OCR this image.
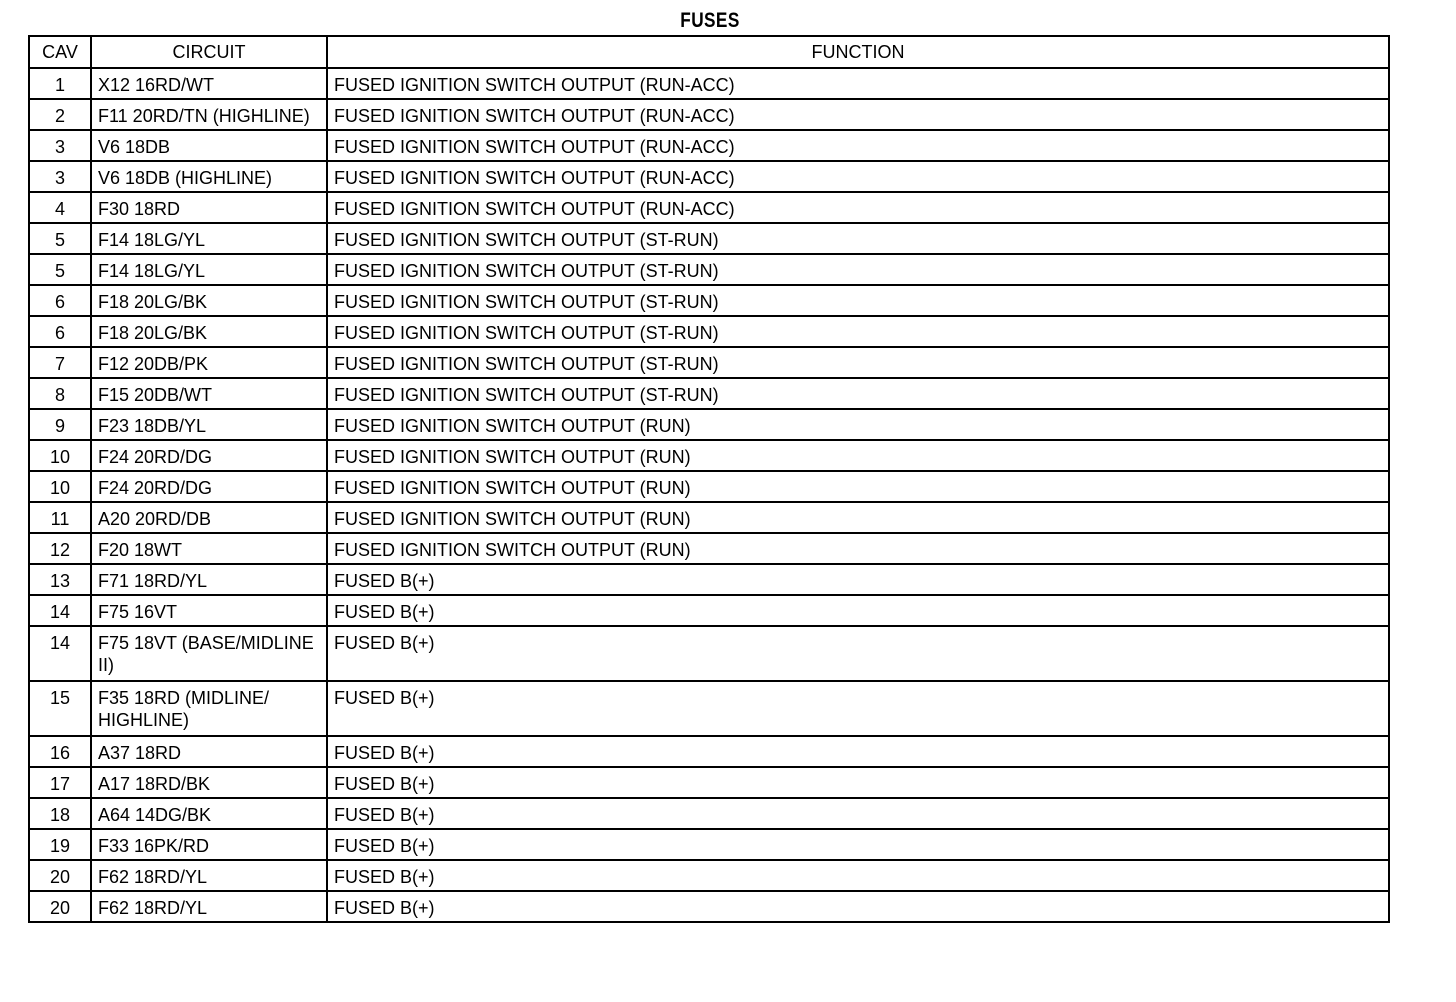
FUSES
CAV	CIRCUIT	FUNCTION
1	X12 16RD/WT	FUSED IGNITION SWITCH OUTPUT (RUN-ACC)
2	F11 20RD/TN (HIGHLINE)	FUSED IGNITION SWITCH OUTPUT (RUN-ACC)
3	V6 18DB	FUSED IGNITION SWITCH OUTPUT (RUN-ACC)
3	V6 18DB (HIGHLINE)	FUSED IGNITION SWITCH OUTPUT (RUN-ACC)
4	F30 18RD	FUSED IGNITION SWITCH OUTPUT (RUN-ACC)
5	F14 18LG/YL	FUSED IGNITION SWITCH OUTPUT (ST-RUN)
5	F14 18LG/YL	FUSED IGNITION SWITCH OUTPUT (ST-RUN)
6	F18 20LG/BK	FUSED IGNITION SWITCH OUTPUT (ST-RUN)
6	F18 20LG/BK	FUSED IGNITION SWITCH OUTPUT (ST-RUN)
7	F12 20DB/PK	FUSED IGNITION SWITCH OUTPUT (ST-RUN)
8	F15 20DB/WT	FUSED IGNITION SWITCH OUTPUT (ST-RUN)
9	F23 18DB/YL	FUSED IGNITION SWITCH OUTPUT (RUN)
10	F24 20RD/DG	FUSED IGNITION SWITCH OUTPUT (RUN)
10	F24 20RD/DG	FUSED IGNITION SWITCH OUTPUT (RUN)
11	A20 20RD/DB	FUSED IGNITION SWITCH OUTPUT (RUN)
12	F20 18WT	FUSED IGNITION SWITCH OUTPUT (RUN)
13	F71 18RD/YL	FUSED B(+)
14	F75 16VT	FUSED B(+)
14	F75 18VT (BASE/MIDLINE II)	FUSED B(+)
15	F35 18RD (MIDLINE/ HIGHLINE)	FUSED B(+)
16	A37 18RD	FUSED B(+)
17	A17 18RD/BK	FUSED B(+)
18	A64 14DG/BK	FUSED B(+)
19	F33 16PK/RD	FUSED B(+)
20	F62 18RD/YL	FUSED B(+)
20	F62 18RD/YL	FUSED B(+)
